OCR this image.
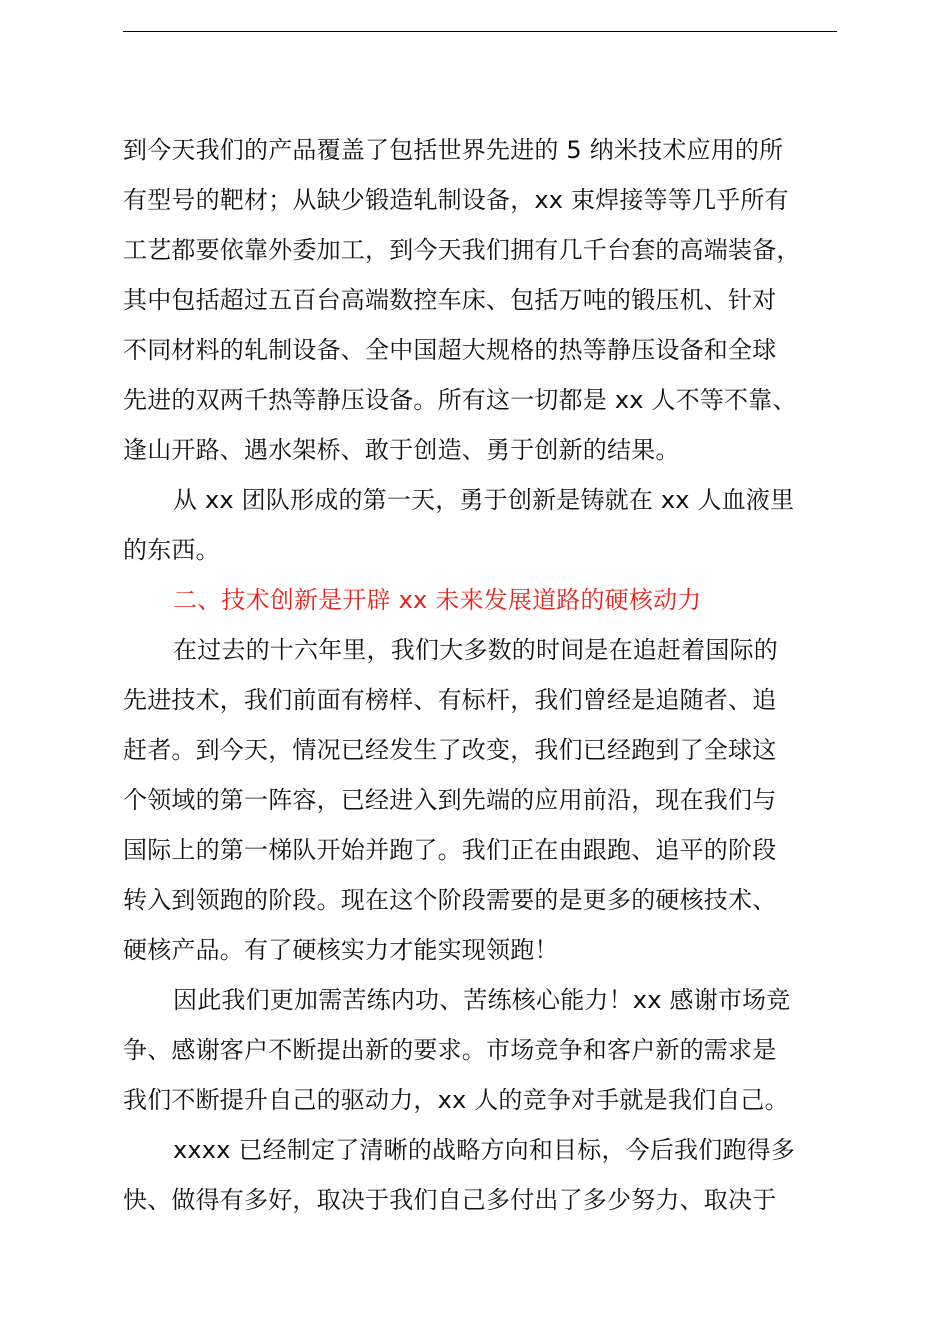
到今天我们的产品覆盖了包括世界先进的 5 纳米技术应用的所
有型号的靶材；从缺少锻造轧制设备，xx 束焊接等等几乎所有
工艺都要依靠外委加工，到今天我们拥有几千台套的高端装备，
其中包括超过五百台高端数控车床、包括万吨的锻压机、针对
不同材料的轧制设备、全中国超大规格的热等静压设备和全球
先进的双两千热等静压设备。所有这一切都是 xx 人不等不靠、
逢山开路、遇水架桥、敢于创造、勇于创新的结果。
从 xx 团队形成的第一天，勇于创新是铸就在 xx 人血液里
的东西。
二、技术创新是开辟 xx 未来发展道路的硬核动力
在过去的十六年里，我们大多数的时间是在追赶着国际的
先进技术，我们前面有榜样、有标杆，我们曾经是追随者、追
赶者。到今天，情况已经发生了改变，我们已经跑到了全球这
个领域的第一阵容，已经进入到先端的应用前沿，现在我们与
国际上的第一梯队开始并跑了。我们正在由跟跑、追平的阶段
转入到领跑的阶段。现在这个阶段需要的是更多的硬核技术、
硬核产品。有了硬核实力才能实现领跑！
因此我们更加需苦练内功、苦练核心能力！xx 感谢市场竞
争、感谢客户不断提出新的要求。市场竞争和客户新的需求是
我们不断提升自己的驱动力，xx 人的竞争对手就是我们自己。
xxxx 已经制定了清晰的战略方向和目标，今后我们跑得多
快、做得有多好，取决于我们自己多付出了多少努力、取决于
